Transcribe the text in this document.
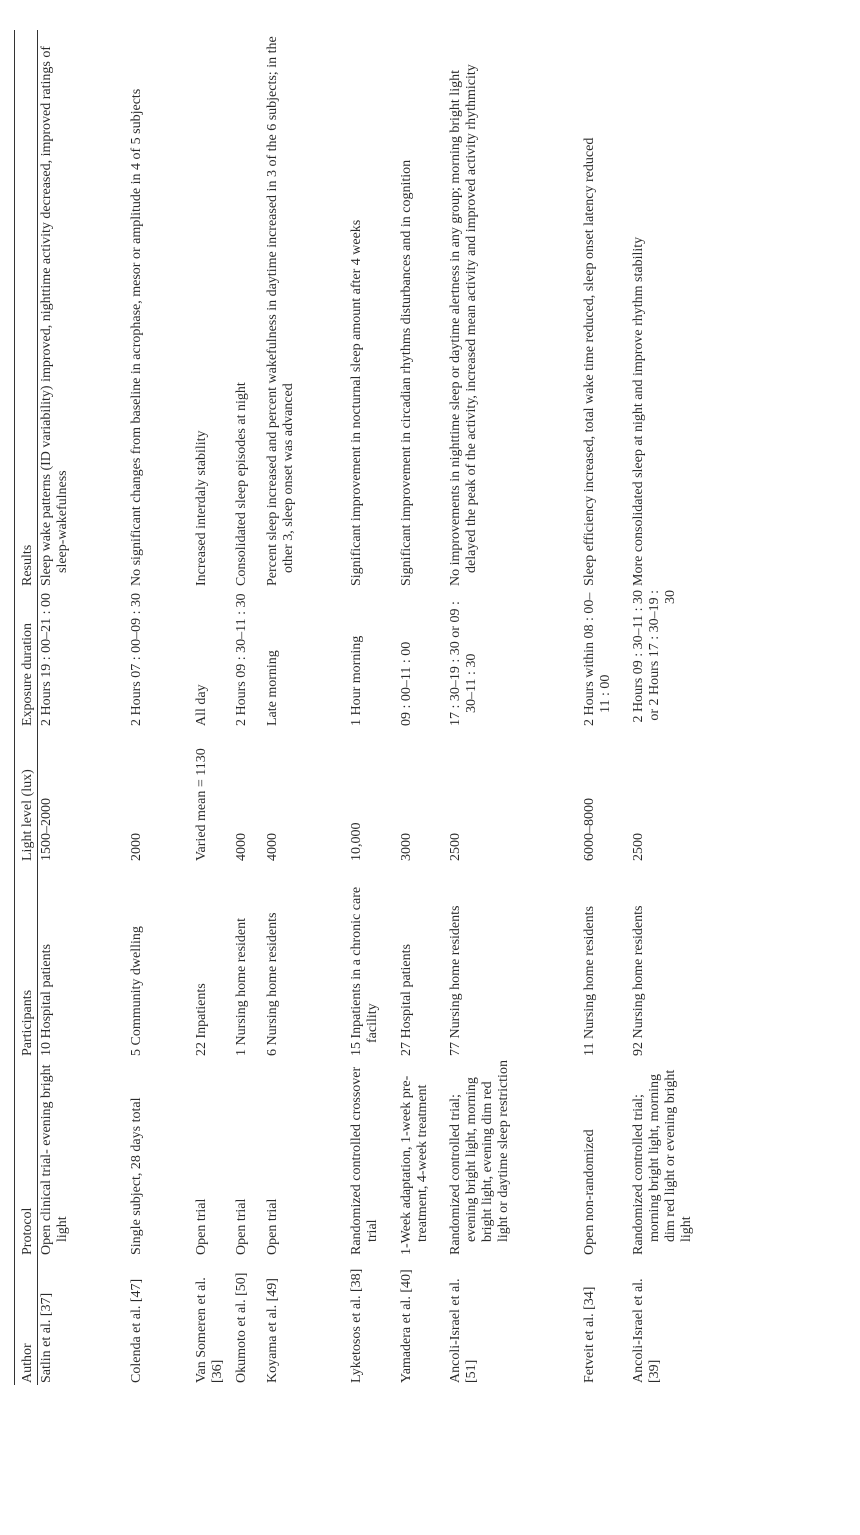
Author	Protocol	Participants	Light level (lux)	Exposure duration	Results
Satlin et al. [37]	Open clinical trial- evening bright light	10 Hospital patients	1500–2000	2 Hours 19 : 00–21 : 00	Sleep wake patterns (ID variability) improved, nighttime activity decreased, improved ratings of sleep-wakefulness
Colenda et al. [47]	Single subject, 28 days total	5 Community dwelling	2000	2 Hours 07 : 00–09 : 30	No significant changes from baseline in acrophase, mesor or amplitude in 4 of 5 subjects
Van Someren et al. [36]	Open trial	22 Inpatients	Varied mean = 1130	All day	Increased interdaly stability
Okumoto et al. [50]	Open trial	1 Nursing home resident	4000	2 Hours 09 : 30–11 : 30	Consolidated sleep episodes at night
Koyama et al. [49]	Open trial	6 Nursing home residents	4000	Late morning	Percent sleep increased and percent wakefulness in daytime increased in 3 of the 6 subjects; in the other 3, sleep onset was advanced
Lyketosos et al. [38]	Randomized controlled crossover trial	15 Inpatients in a chronic care facility	10,000	1 Hour morning	Significant improvement in nocturnal sleep amount after 4 weeks
Yamadera et al. [40]	1-Week adaptation, 1-week pre-treatment, 4-week treatment	27 Hospital patients	3000	09 : 00–11 : 00	Significant improvement in circadian rhythms disturbances and in cognition
Ancoli-Israel et al. [51]	Randomized controlled trial; evening bright light, morning bright light, evening dim red light or daytime sleep restriction	77 Nursing home residents	2500	17 : 30–19 : 30 or 09 : 30–11 : 30	No improvements in nighttime sleep or daytime alertness in any group; morning bright light delayed the peak of the activity, increased mean activity and improved activity rhythmicity
Fetveit et al. [34]	Open non-randomized	11 Nursing home residents	6000–8000	2 Hours within 08 : 00–11 : 00	Sleep efficiency increased, total wake time reduced, sleep onset latency reduced
Ancoli-Israel et al. [39]	Randomized controlled trial; morning bright light, morning dim red light or evening bright light	92 Nursing home residents	2500	2 Hours 09 : 30–11 : 30 or 2 Hours 17 : 30–19 : 30	More consolidated sleep at night and improve rhythm stability
